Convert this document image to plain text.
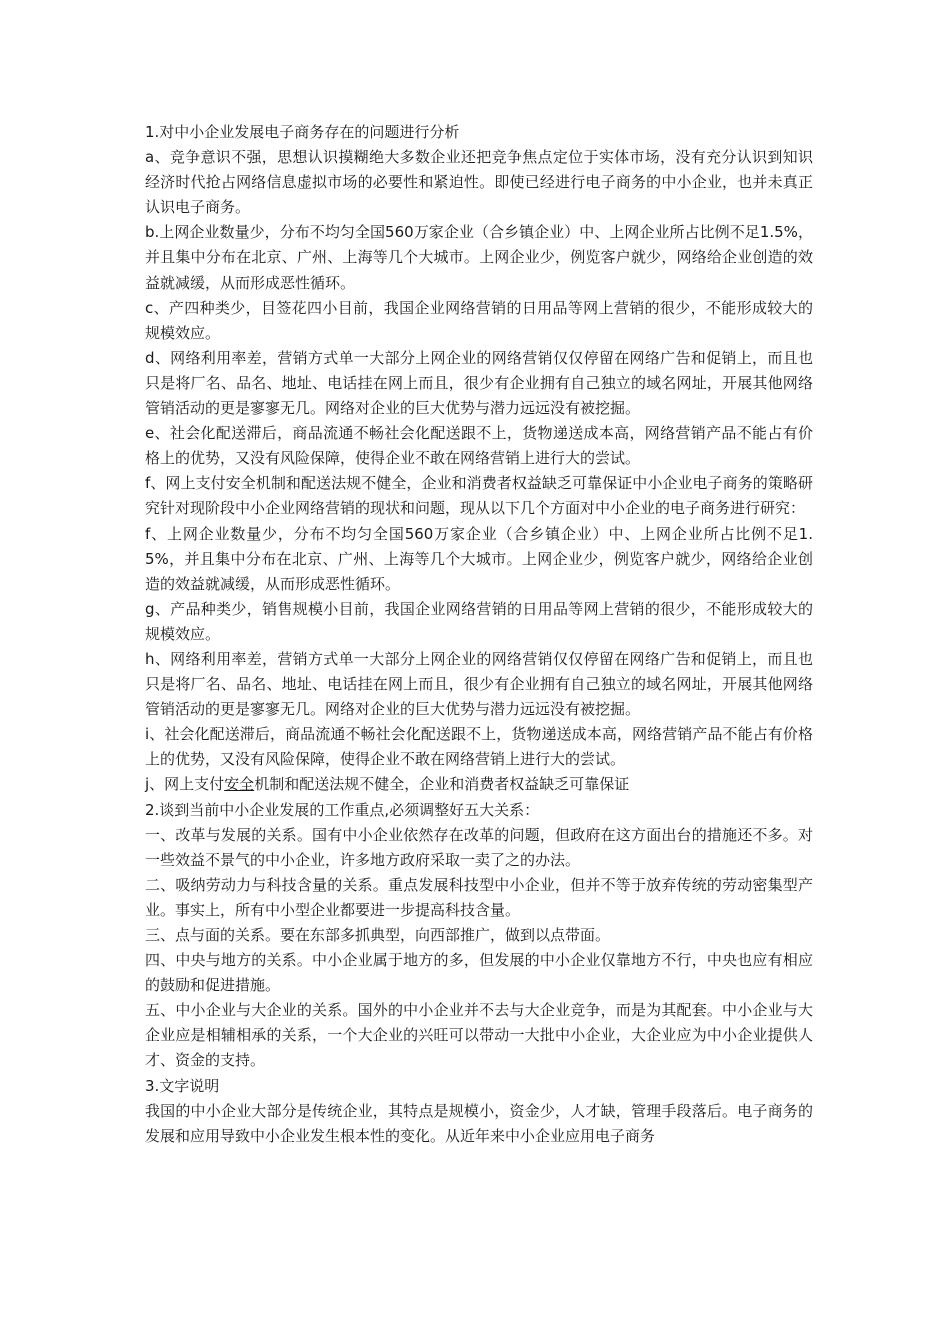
1.对中小企业发展电子商务存在的问题进行分析

a、竞争意识不强，思想认识摸糊绝大多数企业还把竞争焦点定位于实体市场，没有充分认识到知识经济时代抢占网络信息虚拟市场的必要性和紧迫性。即使已经进行电子商务的中小企业，也并未真正认识电子商务。

b.上网企业数量少，分布不均匀全国560万家企业（合乡镇企业）中、上网企业所占比例不足1.5%，并且集中分布在北京、广州、上海等几个大城市。上网企业少，例览客户就少，网络给企业创造的效益就减缓，从而形成恶性循环。

c、产四种类少，目签花四小目前，我国企业网络营销的日用品等网上营销的很少，不能形成较大的规模效应。

d、网络利用率差，营销方式单一大部分上网企业的网络营销仅仅停留在网络广告和促销上，而且也只是将厂名、品名、地址、电话挂在网上而且，很少有企业拥有自己独立的域名网址，开展其他网络管销活动的更是寥寥无几。网络对企业的巨大优势与潜力远远没有被挖掘。

e、社会化配送滞后，商品流通不畅社会化配送跟不上，货物递送成本高，网络营销产品不能占有价格上的优势，又没有风险保障，使得企业不敢在网络营销上进行大的尝试。

f、网上支付安全机制和配送法规不健全，企业和消费者权益缺乏可靠保证中小企业电子商务的策略研究针对现阶段中小企业网络营销的现状和问题，现从以下几个方面对中小企业的电子商务进行研究：

f、上网企业数量少，分布不均匀全国560万家企业（合乡镇企业）中、上网企业所占比例不足1.5%，并且集中分布在北京、广州、上海等几个大城市。上网企业少，例览客户就少，网络给企业创造的效益就减缓，从而形成恶性循环。

g、产品种类少，销售规模小目前，我国企业网络营销的日用品等网上营销的很少，不能形成较大的规模效应。

h、网络利用率差，营销方式单一大部分上网企业的网络营销仅仅停留在网络广告和促销上，而且也只是将厂名、品名、地址、电话挂在网上而且，很少有企业拥有自己独立的域名网址，开展其他网络管销活动的更是寥寥无几。网络对企业的巨大优势与潜力远远没有被挖掘。

i、社会化配送滞后，商品流通不畅社会化配送跟不上，货物递送成本高，网络营销产品不能占有价格上的优势，又没有风险保障，使得企业不敢在网络营销上进行大的尝试。

j、网上支付安全机制和配送法规不健全，企业和消费者权益缺乏可靠保证

2.谈到当前中小企业发展的工作重点,必须调整好五大关系：

一、改革与发展的关系。国有中小企业依然存在改革的问题，但政府在这方面出台的措施还不多。对一些效益不景气的中小企业，许多地方政府采取一卖了之的办法。

二、吸纳劳动力与科技含量的关系。重点发展科技型中小企业，但并不等于放弃传统的劳动密集型产业。事实上，所有中小型企业都要进一步提高科技含量。

三、点与面的关系。要在东部多抓典型，向西部推广，做到以点带面。

四、中央与地方的关系。中小企业属于地方的多，但发展的中小企业仅靠地方不行，中央也应有相应的鼓励和促进措施。

五、中小企业与大企业的关系。国外的中小企业并不去与大企业竞争，而是为其配套。中小企业与大企业应是相辅相承的关系，一个大企业的兴旺可以带动一大批中小企业，大企业应为中小企业提供人才、资金的支持。

3.文字说明

我国的中小企业大部分是传统企业，其特点是规模小，资金少，人才缺，管理手段落后。电子商务的发展和应用导致中小企业发生根本性的变化。从近年来中小企业应用电子商务
